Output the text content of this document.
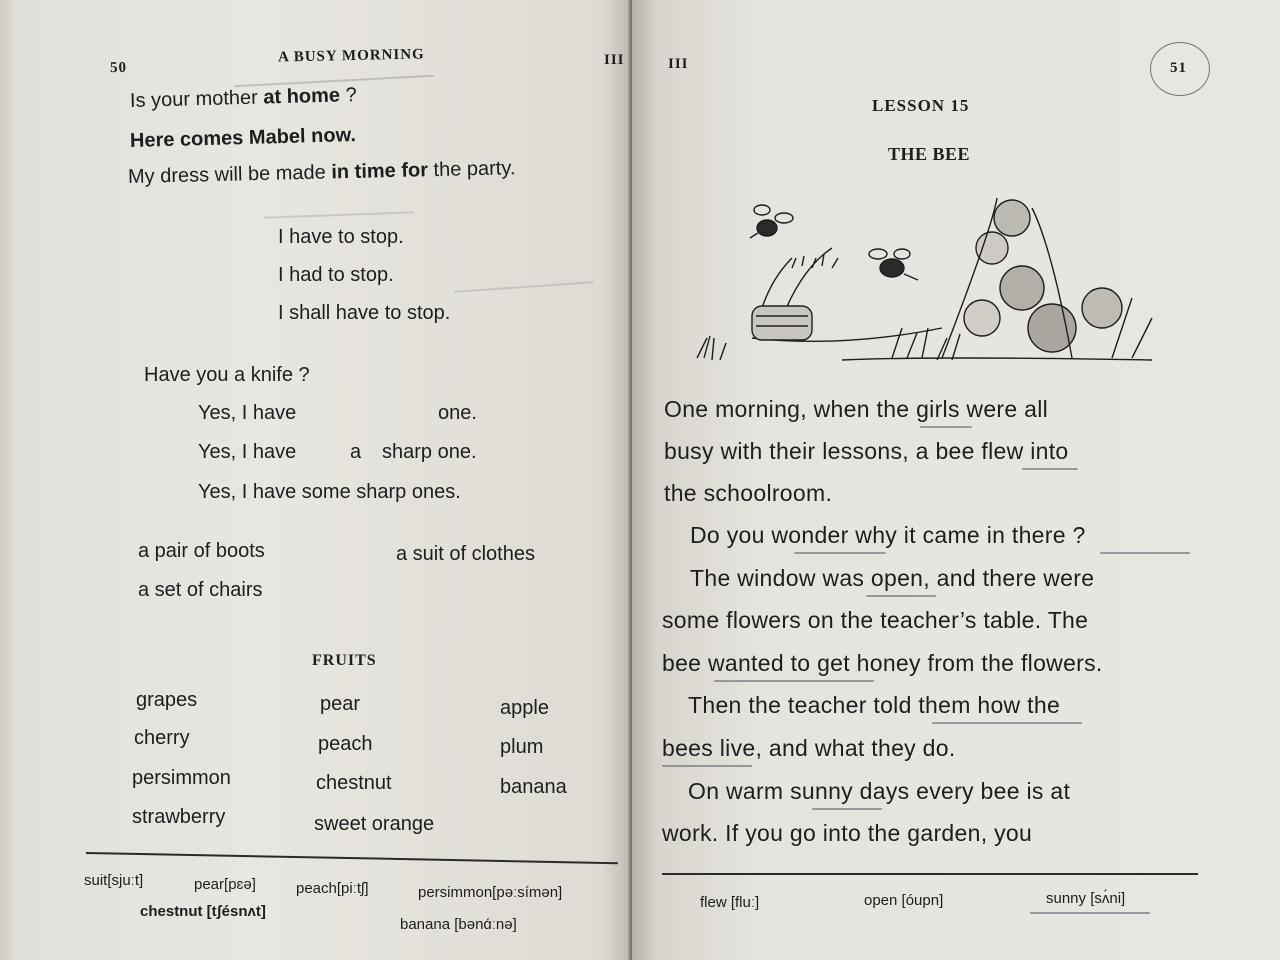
50
A BUSY MORNING	III
Is your mother at home ?
Here comes Mabel now.
My dress will be made in time for the party.
I have to stop.
I had to stop.
I shall have to stop.
Have you a knife ?
Yes, I have	one.
Yes, I have	a sharp one.
Yes, I have some sharp ones.
a pair of boots	a suit of clothes
a set of chairs
FRUITS
grapes	pear	apple
cherry	peach	plum
persimmon	chestnut	banana
strawberry	sweet orange
suit[sjuːt]	pear[pɛə]	peach[piːtʃ]	persimmon[pəːsímən]
chestnut [tʃésnʌt]
banana [bənɑ́ːnə]
III	51
LESSON 15
THE BEE
One morning, when the girls were all
busy with their lessons, a bee flew into
the schoolroom.
Do you wonder why it came in there ?
The window was open, and there were
some flowers on the teacher’s table. The
bee wanted to get honey from the flowers.
Then the teacher told them how the
bees live, and what they do.
On warm sunny days every bee is at
work. If you go into the garden, you
flew [fluː]	open [óupn]	sunny [sʌ́ni]
